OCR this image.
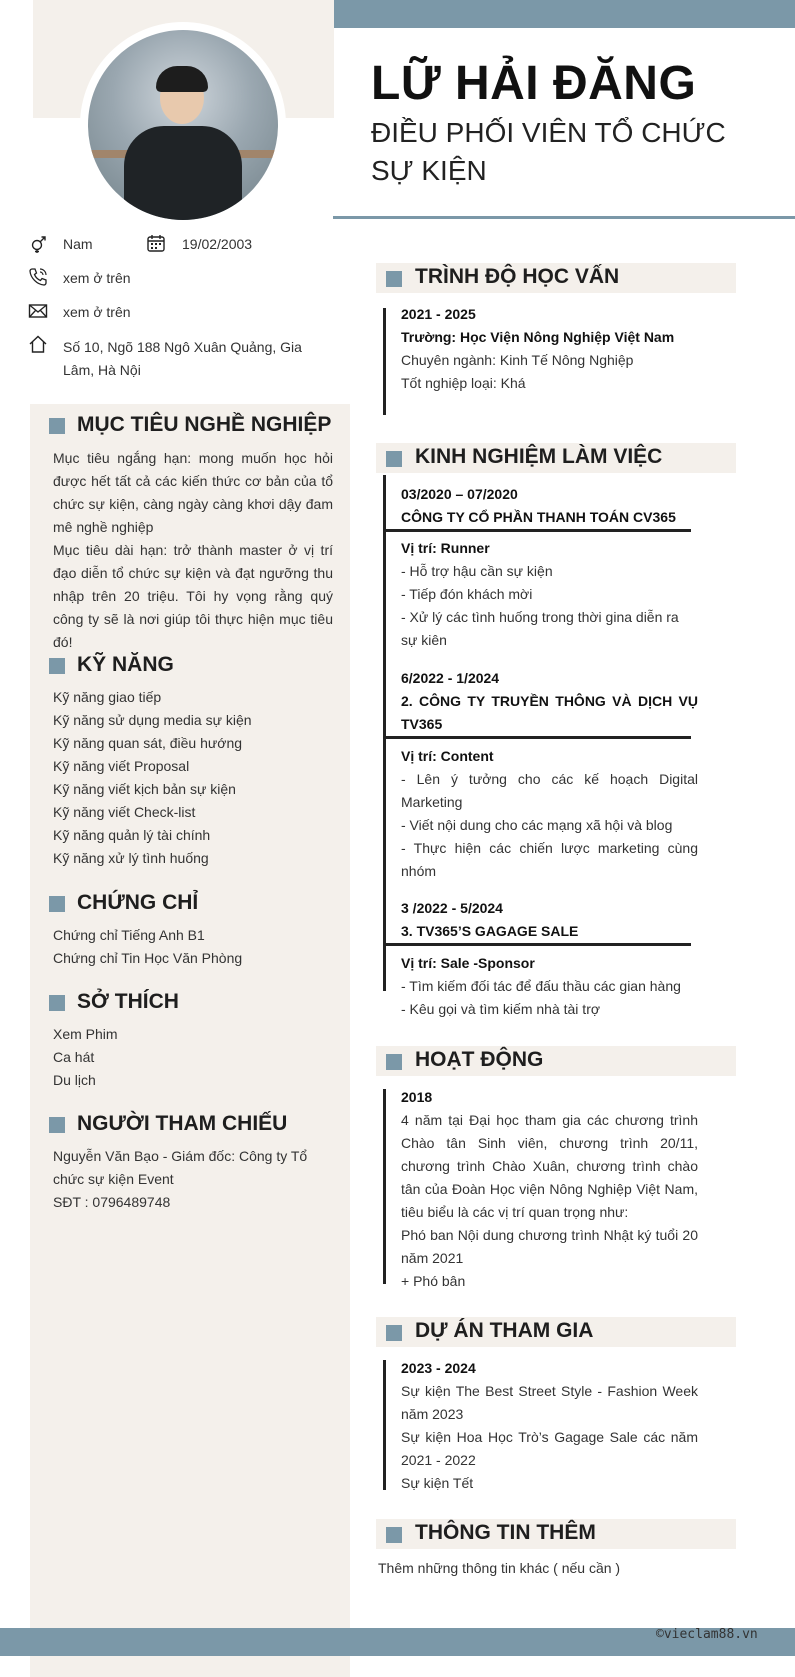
LỮ HẢI ĐĂNG
ĐIỀU PHỐI VIÊN TỔ CHỨC SỰ KIỆN
Nam	19/02/2003
xem ở trên
xem ở trên
Số 10, Ngõ 188 Ngô Xuân Quảng, Gia Lâm, Hà Nội
MỤC TIÊU NGHỀ NGHIỆP
Mục tiêu ngắng hạn: mong muốn học hỏi được hết tất cả các kiến thức cơ bản của tổ chức sự kiện, càng ngày càng khơi dậy đam mê nghề nghiệp
Mục tiêu dài hạn: trở thành master ở vị trí đạo diễn tổ chức sự kiện và đạt ngưỡng thu nhập trên 20 triệu. Tôi hy vọng rằng quý công ty sẽ là nơi giúp tôi thực hiện mục tiêu đó!
KỸ NĂNG
Kỹ năng giao tiếp
Kỹ năng sử dụng media sự kiện
Kỹ năng quan sát, điều hướng
Kỹ năng viết Proposal
Kỹ năng viết kịch bản sự kiện
Kỹ năng viết Check-list
Kỹ năng quản lý tài chính
Kỹ năng xử lý tình huống
CHỨNG CHỈ
Chứng chỉ Tiếng Anh B1
Chứng chỉ Tin Học Văn Phòng
SỞ THÍCH
Xem Phim
Ca hát
Du lịch
NGƯỜI THAM CHIẾU
Nguyễn Văn Bạo - Giám đốc: Công ty Tổ chức sự kiện Event
SĐT : 0796489748
TRÌNH ĐỘ HỌC VẤN
2021 - 2025
Trường: Học Viện Nông Nghiệp Việt Nam
Chuyên ngành: Kinh Tế Nông Nghiệp
Tốt nghiệp loại: Khá
KINH NGHIỆM LÀM VIỆC
03/2020 – 07/2020
CÔNG TY CỔ PHẦN THANH TOÁN CV365
Vị trí: Runner
- Hỗ trợ hậu cần sự kiện
- Tiếp đón khách mời
- Xử lý các tình huống trong thời gina diễn ra sự kiên
6/2022 - 1/2024
2. CÔNG TY TRUYỀN THÔNG VÀ DỊCH VỤ TV365
Vị trí: Content
- Lên ý tưởng cho các kế hoạch Digital Marketing
- Viết nội dung cho các mạng xã hội và blog
- Thực hiện các chiến lược marketing cùng nhóm
3 /2022 - 5/2024
3. TV365’S GAGAGE SALE
Vị trí: Sale -Sponsor
- Tìm kiếm đối tác để đấu thầu các gian hàng
- Kêu gọi và tìm kiếm nhà tài trợ
HOẠT ĐỘNG
2018
4 năm tại Đại học tham gia các chương trình Chào tân Sinh viên, chương trình 20/11, chương trình Chào Xuân, chương trình chào tân của Đoàn Học viện Nông Nghiệp Việt Nam, tiêu biểu là các vị trí quan trọng như:
Phó ban Nội dung chương trình Nhật ký tuổi 20 năm 2021
+ Phó bân
DỰ ÁN THAM GIA
2023 - 2024
Sự kiện The Best Street Style - Fashion Week năm 2023
Sự kiện Hoa Học Trò’s Gagage Sale các năm 2021 - 2022
Sự kiện Tết
THÔNG TIN THÊM
Thêm những thông tin khác ( nếu cần )
©vieclam88.vn
